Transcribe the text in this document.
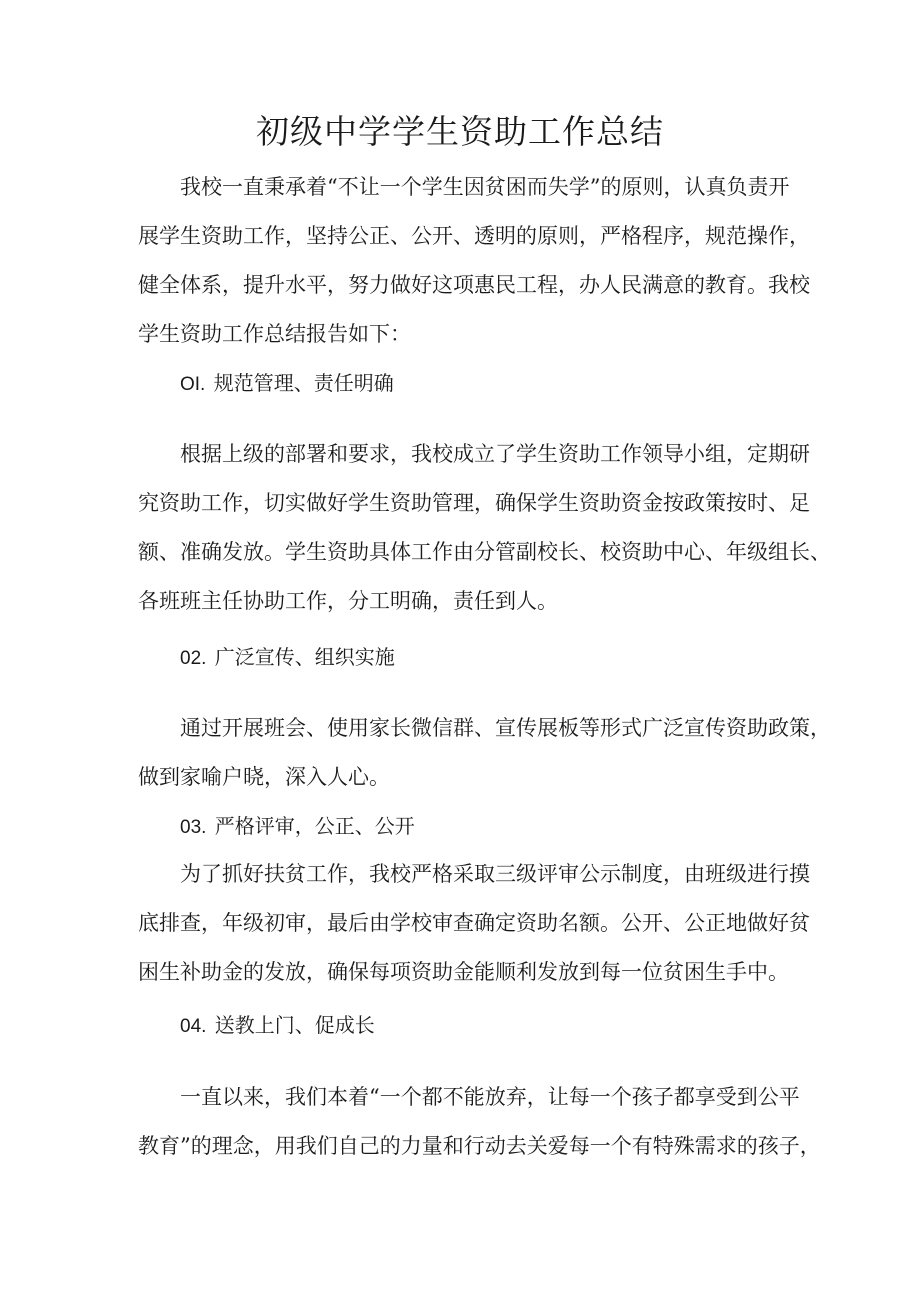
初级中学学生资助工作总结

我校一直秉承着“不让一个学生因贫困而失学”的原则，认真负责开
展学生资助工作，坚持公正、公开、透明的原则，严格程序，规范操作，
健全体系，提升水平，努力做好这项惠民工程，办人民满意的教育。我校
学生资助工作总结报告如下：

OI. 规范管理、责任明确

根据上级的部署和要求，我校成立了学生资助工作领导小组，定期研
究资助工作，切实做好学生资助管理，确保学生资助资金按政策按时、足
额、准确发放。学生资助具体工作由分管副校长、校资助中心、年级组长、
各班班主任协助工作，分工明确，责任到人。

02. 广泛宣传、组织实施

通过开展班会、使用家长微信群、宣传展板等形式广泛宣传资助政策，
做到家喻户晓，深入人心。

03. 严格评审，公正、公开

为了抓好扶贫工作，我校严格采取三级评审公示制度，由班级进行摸
底排查，年级初审，最后由学校审查确定资助名额。公开、公正地做好贫
困生补助金的发放，确保每项资助金能顺利发放到每一位贫困生手中。

04. 送教上门、促成长

一直以来，我们本着“一个都不能放弃，让每一个孩子都享受到公平
教育”的理念，用我们自己的力量和行动去关爱每一个有特殊需求的孩子，
